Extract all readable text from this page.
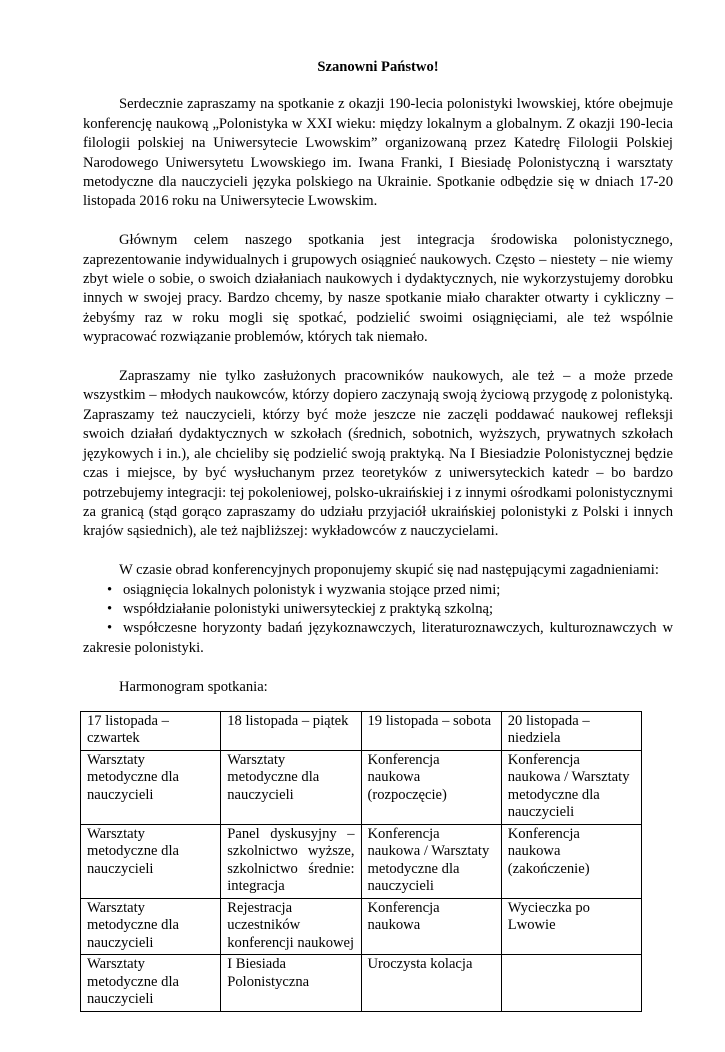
Szanowni Państwo!

Serdecznie zapraszamy na spotkanie z okazji 190-lecia polonistyki lwowskiej, które obejmuje konferencję naukową „Polonistyka w XXI wieku: między lokalnym a globalnym. Z okazji 190-lecia filologii polskiej na Uniwersytecie Lwowskim” organizowaną przez Katedrę Filologii Polskiej Narodowego Uniwersytetu Lwowskiego im. Iwana Franki, I Biesiadę Polonistyczną i warsztaty metodyczne dla nauczycieli języka polskiego na Ukrainie. Spotkanie odbędzie się w dniach 17-20 listopada 2016 roku na Uniwersytecie Lwowskim.

Głównym celem naszego spotkania jest integracja środowiska polonistycznego, zaprezentowanie indywidualnych i grupowych osiągnieć naukowych. Często – niestety – nie wiemy zbyt wiele o sobie, o swoich działaniach naukowych i dydaktycznych, nie wykorzystujemy dorobku innych w swojej pracy. Bardzo chcemy, by nasze spotkanie miało charakter otwarty i cykliczny – żebyśmy raz w roku mogli się spotkać, podzielić swoimi osiągnięciami, ale też wspólnie wypracować rozwiązanie problemów, których tak niemało.

Zapraszamy nie tylko zasłużonych pracowników naukowych, ale też – a może przede wszystkim – młodych naukowców, którzy dopiero zaczynają swoją życiową przygodę z polonistyką. Zapraszamy też nauczycieli, którzy być może jeszcze nie zaczęli poddawać naukowej refleksji swoich działań dydaktycznych w szkołach (średnich, sobotnich, wyższych, prywatnych szkołach językowych i in.), ale chcieliby się podzielić swoją praktyką. Na I Biesiadzie Polonistycznej będzie czas i miejsce, by być wysłuchanym przez teoretyków z uniwersyteckich katedr – bo bardzo potrzebujemy integracji: tej pokoleniowej, polsko-ukraińskiej i z innymi ośrodkami polonistycznymi za granicą (stąd gorąco zapraszamy do udziału przyjaciół ukraińskiej polonistyki z Polski i innych krajów sąsiednich), ale też najbliższej: wykładowców z nauczycielami.

W czasie obrad konferencyjnych proponujemy skupić się nad następującymi zagadnieniami:

• osiągnięcia lokalnych polonistyk i wyzwania stojące przed nimi;

• współdziałanie polonistyki uniwersyteckiej z praktyką szkolną;

• współczesne horyzonty badań językoznawczych, literaturoznawczych, kulturoznawczych w zakresie polonistyki.

Harmonogram spotkania:

17 listopada – czwartek	18 listopada – piątek	19 listopada – sobota	20 listopada – niedziela
Warsztaty metodyczne dla nauczycieli	Warsztaty metodyczne dla nauczycieli	Konferencja naukowa (rozpoczęcie)	Konferencja naukowa / Warsztaty metodyczne dla nauczycieli
Warsztaty metodyczne dla nauczycieli	Panel dyskusyjny – szkolnictwo wyższe, szkolnictwo średnie: integracja	Konferencja naukowa / Warsztaty metodyczne dla nauczycieli	Konferencja naukowa (zakończenie)
Warsztaty metodyczne dla nauczycieli	Rejestracja uczestników konferencji naukowej	Konferencja naukowa	Wycieczka po Lwowie
Warsztaty metodyczne dla nauczycieli	I Biesiada Polonistyczna	Uroczysta kolacja	
